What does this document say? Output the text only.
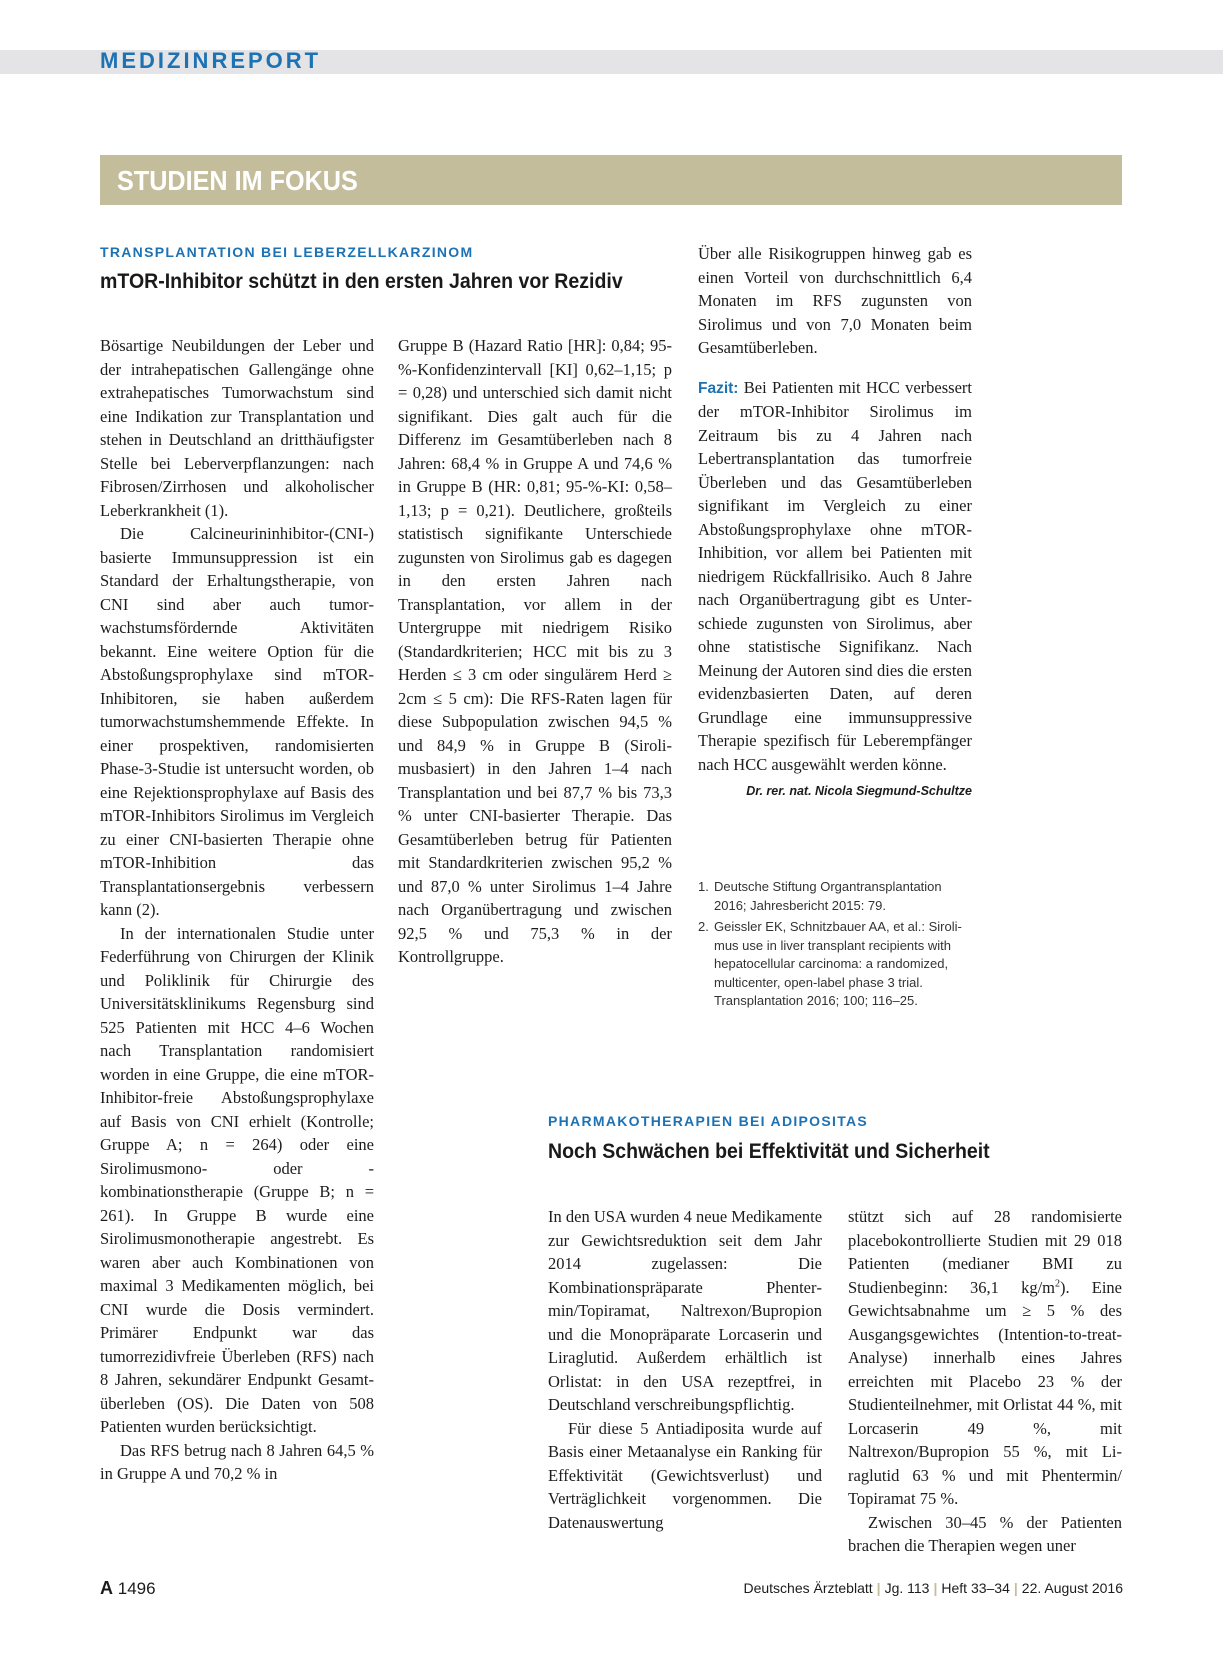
MEDIZINREPORT
STUDIEN IM FOKUS
TRANSPLANTATION BEI LEBERZELLKARZINOM
mTOR-Inhibitor schützt in den ersten Jahren vor Rezidiv

Bösartige Neubildungen der Leber und der intrahepatischen Gallengänge ohne extrahepatisches Tumorwachstum sind eine Indikation zur Transplantation und stehen in Deutschland an dritthäufigster Stelle bei Leberverpflanzungen: nach Fibrosen/Zirrhosen und alkoholischer Leberkrankheit (1).

Die Calcineurininhibitor-(CNI-) basierte Immunsuppression ist ein Standard der Erhaltungstherapie, von CNI sind aber auch tumorwachstumsfördernde Aktivitäten bekannt. Eine weitere Option für die Abstoßungsprophylaxe sind mTOR-Inhibitoren, sie haben außerdem tumorwachstumshemmende Effekte. In einer prospektiven, randomisierten Phase-3-Studie ist untersucht worden, ob eine Rejektionsprophylaxe auf Basis des mTOR-Inhibitors Sirolimus im Vergleich zu einer CNI-basierten Therapie ohne mTOR-Inhibition das Transplantationsergebnis verbessern kann (2).

In der internationalen Studie unter Federführung von Chirurgen der Klinik und Poliklinik für Chirurgie des Universitätsklinikums Regensburg sind 525 Patienten mit HCC 4–6 Wochen nach Transplantation randomisiert worden in eine Gruppe, die eine mTOR-Inhibitor-freie Abstoßungsprophylaxe auf Basis von CNI erhielt (Kontrolle; Gruppe A; n = 264) oder eine Sirolimusmono- oder -kombinationstherapie (Gruppe B; n = 261). In Gruppe B wurde eine Sirolimusmonotherapie angestrebt. Es waren aber auch Kombinationen von maximal 3 Medikamenten möglich, bei CNI wurde die Dosis vermindert. Primärer Endpunkt war das tumorrezidivfreie Überleben (RFS) nach 8 Jahren, sekundärer Endpunkt Gesamtüberleben (OS). Die Daten von 508 Patienten wurden berücksichtigt.

Das RFS betrug nach 8 Jahren 64,5 % in Gruppe A und 70,2 % in

Gruppe B (Hazard Ratio [HR]: 0,84; 95-%-Konfidenzintervall [KI] 0,62–1,15; p = 0,28) und unterschied sich damit nicht signifikant. Dies galt auch für die Differenz im Gesamtüberleben nach 8 Jahren: 68,4 % in Gruppe A und 74,6 % in Gruppe B (HR: 0,81; 95-%-KI: 0,58–1,13; p = 0,21). Deutlichere, großteils statistisch signifikante Unterschiede zugunsten von Sirolimus gab es dagegen in den ersten Jahren nach Transplantation, vor allem in der Untergruppe mit niedrigem Risiko (Standardkriterien; HCC mit bis zu 3 Herden ≤ 3 cm oder singulärem Herd ≥ 2cm ≤ 5 cm): Die RFS-Raten lagen für diese Subpopulation zwischen 94,5 % und 84,9 % in Gruppe B (Sirolimusbasiert) in den Jahren 1–4 nach Transplantation und bei 87,7 % bis 73,3 % unter CNI-basierter Therapie. Das Gesamtüberleben betrug für Patienten mit Standardkriterien zwischen 95,2 % und 87,0 % unter Sirolimus 1–4 Jahre nach Organübertragung und zwischen 92,5 % und 75,3 % in der Kontrollgruppe.

Über alle Risikogruppen hinweg gab es einen Vorteil von durchschnittlich 6,4 Monaten im RFS zugunsten von Sirolimus und von 7,0 Monaten beim Gesamtüberleben.

Fazit: Bei Patienten mit HCC verbessert der mTOR-Inhibitor Sirolimus im Zeitraum bis zu 4 Jahren nach Lebertransplantation das tumorfreie Überleben und das Gesamtüberleben signifikant im Vergleich zu einer Abstoßungsprophylaxe ohne mTOR-Inhibition, vor allem bei Patienten mit niedrigem Rückfallrisiko. Auch 8 Jahre nach Organübertragung gibt es Unterschiede zugunsten von Sirolimus, aber ohne statistische Signifikanz. Nach Meinung der Autoren sind dies die ersten evidenzbasierten Daten, auf deren Grundlage eine immunsuppressive Therapie spezifisch für Leberempfänger nach HCC ausgewählt werden könne.

Dr. rer. nat. Nicola Siegmund-Schultze
1. Deutsche Stiftung Organtransplantation 2016; Jahresbericht 2015: 79.
2. Geissler EK, Schnitzbauer AA, et al.: Sirolimus use in liver transplant recipients with hepatocellular carcinoma: a randomized, multicenter, open-label phase 3 trial. Transplantation 2016; 100; 116–25.
PHARMAKOTHERAPIEN BEI ADIPOSITAS
Noch Schwächen bei Effektivität und Sicherheit

In den USA wurden 4 neue Medikamente zur Gewichtsreduktion seit dem Jahr 2014 zugelassen: Die Kombinationspräparate Phentermin/Topiramat, Naltrexon/Bupropion und die Monopräparate Lorcaserin und Liraglutid. Außerdem erhältlich ist Orlistat: in den USA rezeptfrei, in Deutschland verschreibungspflichtig.

Für diese 5 Antiadiposita wurde auf Basis einer Metaanalyse ein Ranking für Effektivität (Gewichtsverlust) und Verträglichkeit vorgenommen. Die Datenauswertung

stützt sich auf 28 randomisierte placebokontrollierte Studien mit 29 018 Patienten (medianer BMI zu Studienbeginn: 36,1 $kg/m^2$). Eine Gewichtsabnahme um ≥ 5 % des Ausgangsgewichtes (Intention-to-treat-Analyse) innerhalb eines Jahres erreichten mit Placebo 23 % der Studienteilnehmer, mit Orlistat 44 %, mit Lorcaserin 49 %, mit Naltrexon/Bupropion 55 %, mit Liraglutid 63 % und mit Phentermin/ Topiramat 75 %.

Zwischen 30–45 % der Patienten brachen die Therapien wegen uner

A 1496	Deutsches Ärzteblatt | Jg. 113 | Heft 33–34 | 22. August 2016
